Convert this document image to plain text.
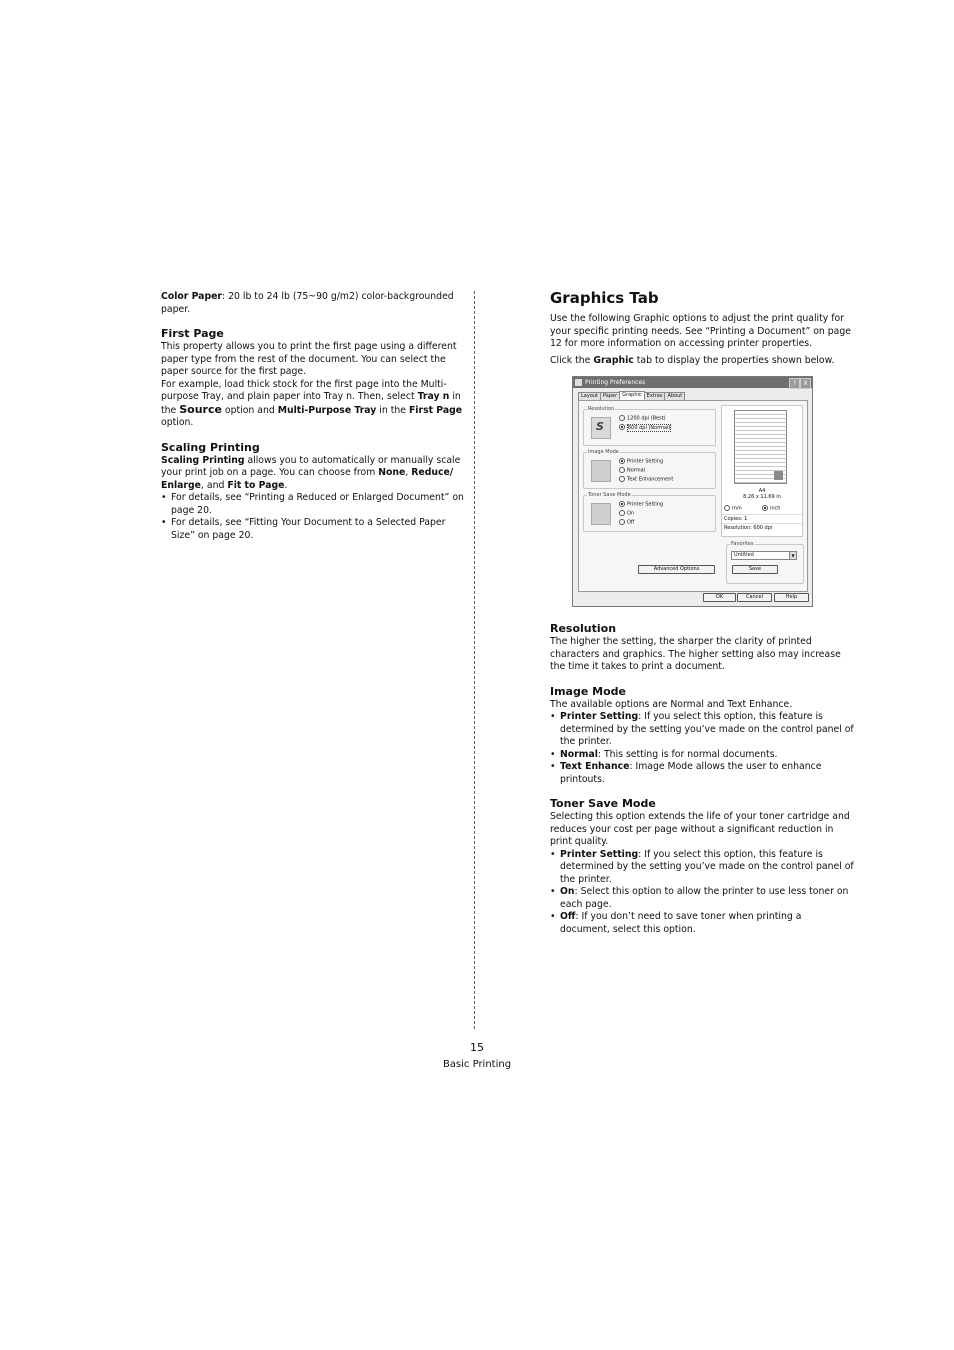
Color Paper: 20 lb to 24 lb (75~90 g/m2) color-backgrounded paper.

First Page

This property allows you to print the first page using a different paper type from the rest of the document. You can select the paper source for the first page.

For example, load thick stock for the first page into the Multi-purpose Tray, and plain paper into Tray n. Then, select Tray n in the Source option and Multi-Purpose Tray in the First Page option.

Scaling Printing

Scaling Printing allows you to automatically or manually scale your print job on a page. You can choose from None, Reduce/ Enlarge, and Fit to Page.

• For details, see “Printing a Reduced or Enlarged Document” on page 20.
• For details, see “Fitting Your Document to a Selected Paper Size” on page 20.
Graphics Tab

Use the following Graphic options to adjust the print quality for your specific printing needs. See “Printing a Document” on page 12 for more information on accessing printer properties.

Click the Graphic tab to display the properties shown below.

Printing Preferences	?	X
Layout Paper Graphic Extras About
Resolution
S
1200 dpi (Best)
600 dpi (Normal)
Image Mode
Printer Setting
Normal
Text Enhancement
Toner Save Mode
Printer Setting
On
Off
A4
8.26 x 11.69 in
mm	inch
Copies: 1
Resolution: 600 dpi
Favorites
Untitled	▼
Save
Advanced Options
OK	Cancel	Help
Resolution

The higher the setting, the sharper the clarity of printed characters and graphics. The higher setting also may increase the time it takes to print a document.

Image Mode

The available options are Normal and Text Enhance.

• Printer Setting: If you select this option, this feature is determined by the setting you’ve made on the control panel of the printer.
• Normal: This setting is for normal documents.
• Text Enhance: Image Mode allows the user to enhance printouts.
Toner Save Mode

Selecting this option extends the life of your toner cartridge and reduces your cost per page without a significant reduction in print quality.

• Printer Setting: If you select this option, this feature is determined by the setting you’ve made on the control panel of the printer.
• On: Select this option to allow the printer to use less toner on each page.
• Off: If you don’t need to save toner when printing a document, select this option.
15
Basic Printing
